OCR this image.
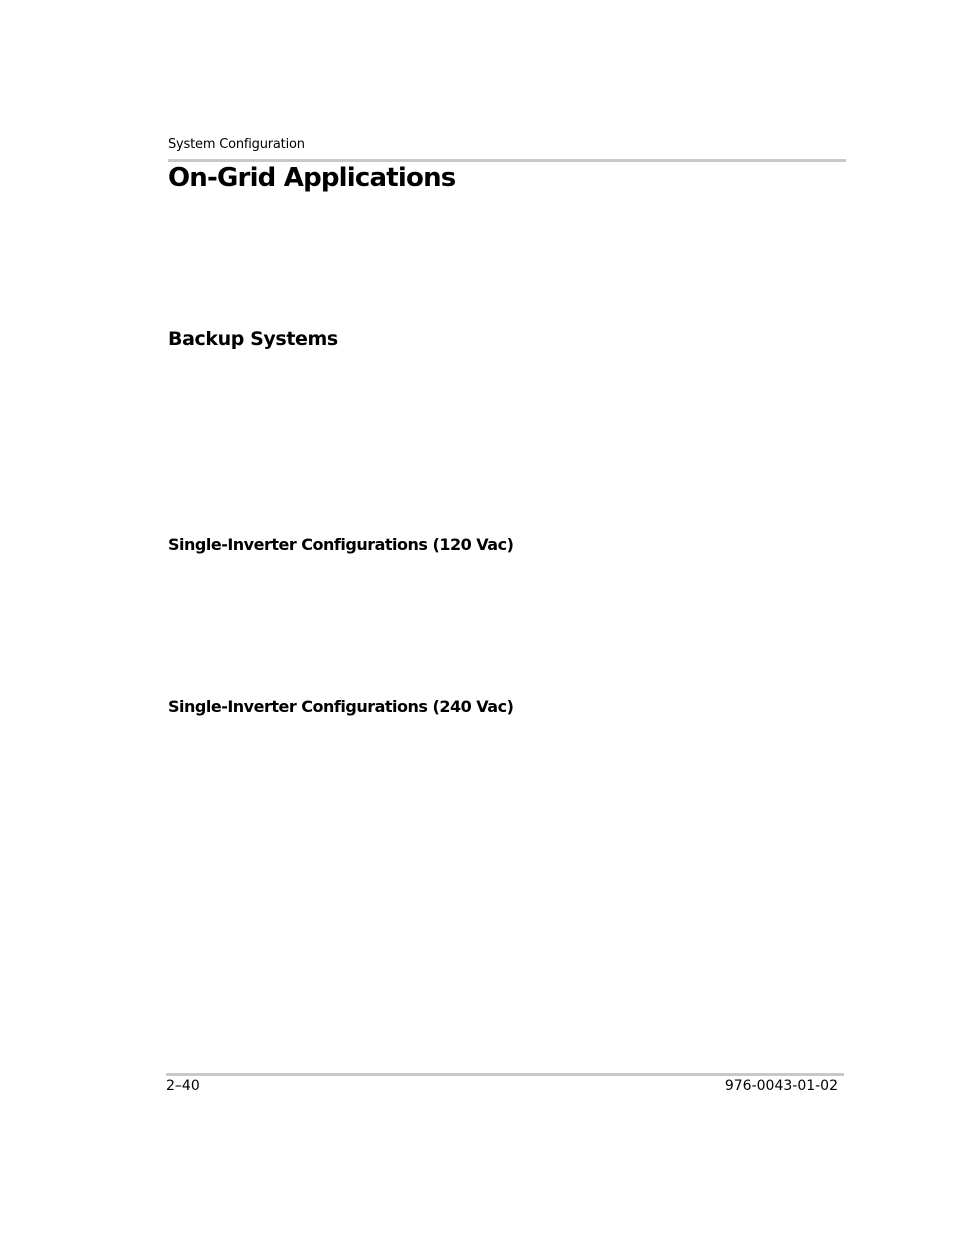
System Configuration
On-Grid Applications
Backup Systems
Single-Inverter Configurations (120 Vac)
Single-Inverter Configurations (240 Vac)
2–40	976-0043-01-02
